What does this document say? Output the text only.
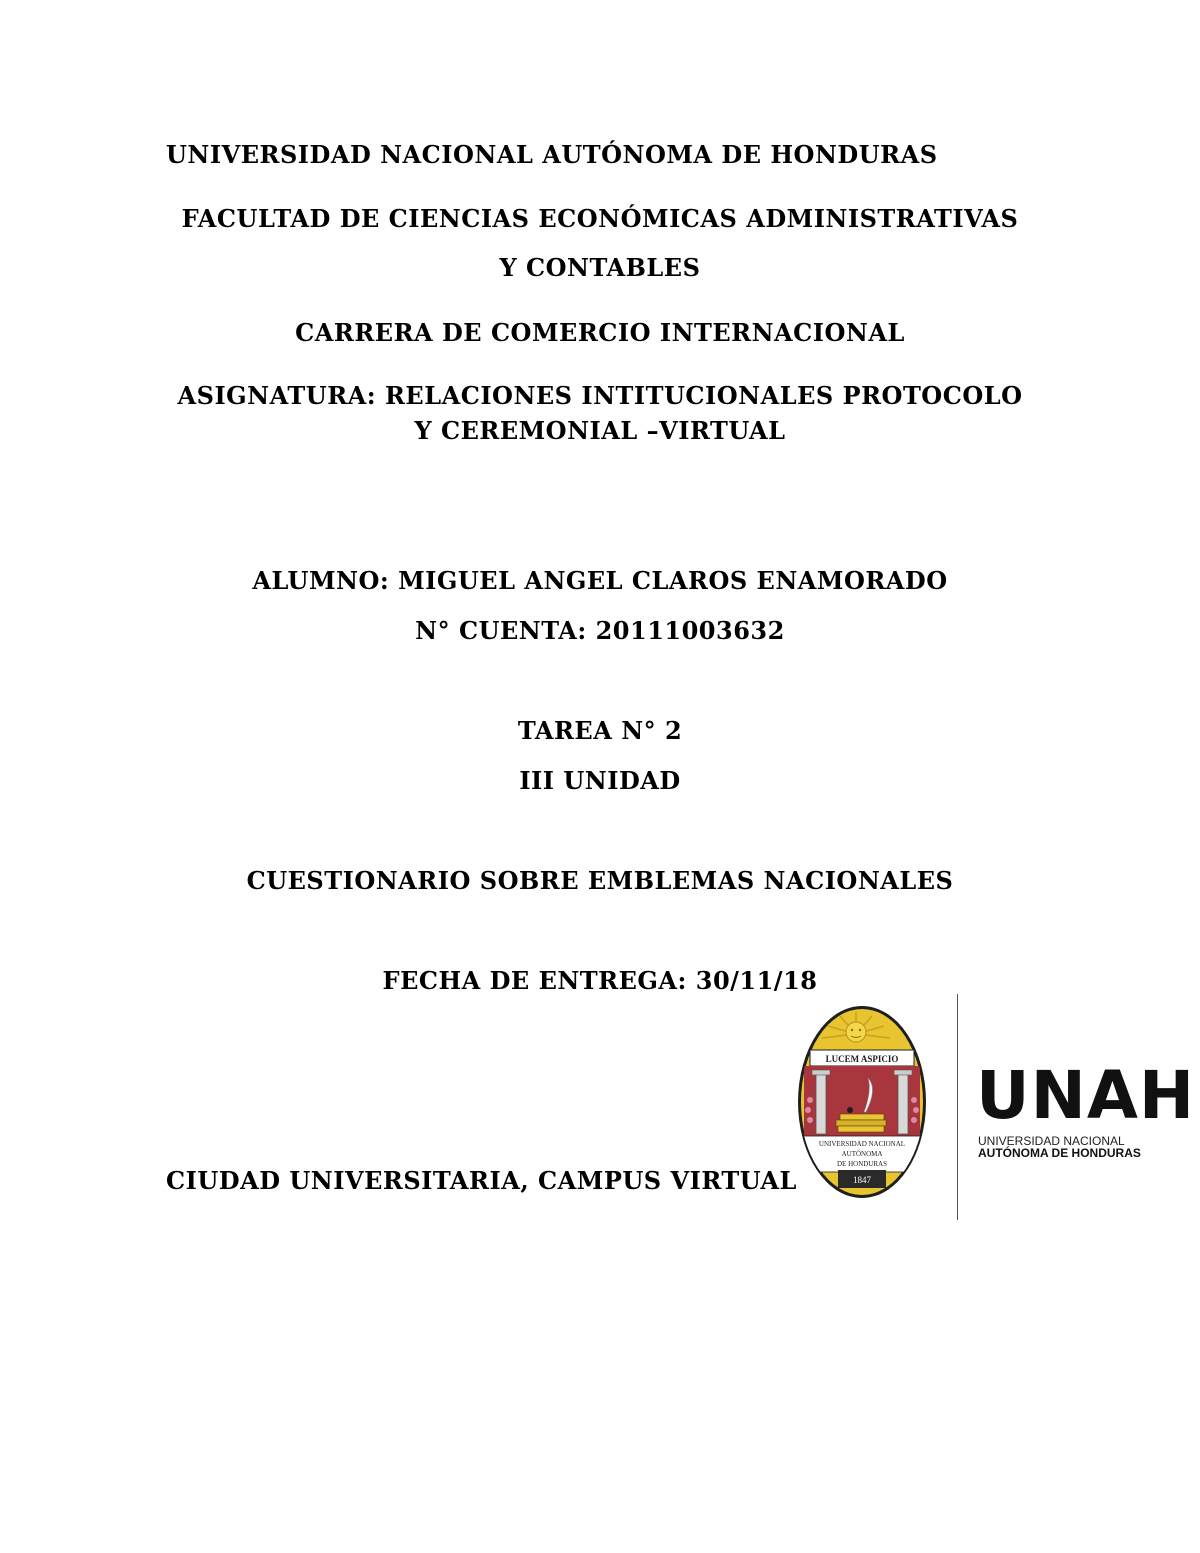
UNIVERSIDAD NACIONAL AUTÓNOMA DE HONDURAS
FACULTAD DE CIENCIAS ECONÓMICAS ADMINISTRATIVAS
Y CONTABLES
CARRERA DE COMERCIO INTERNACIONAL
ASIGNATURA: RELACIONES INTITUCIONALES PROTOCOLO
Y CEREMONIAL –VIRTUAL
ALUMNO: MIGUEL ANGEL CLAROS ENAMORADO
N° CUENTA: 20111003632
TAREA N° 2
III UNIDAD
CUESTIONARIO SOBRE EMBLEMAS NACIONALES
FECHA DE ENTREGA: 30/11/18
CIUDAD UNIVERSITARIA, CAMPUS VIRTUAL
LUCEM ASPICIO
UNIVERSIDAD NACIONAL
AUTÓNOMA
DE HONDURAS
1847
UNAH
UNIVERSIDAD NACIONAL
AUTÓNOMA DE HONDURAS
